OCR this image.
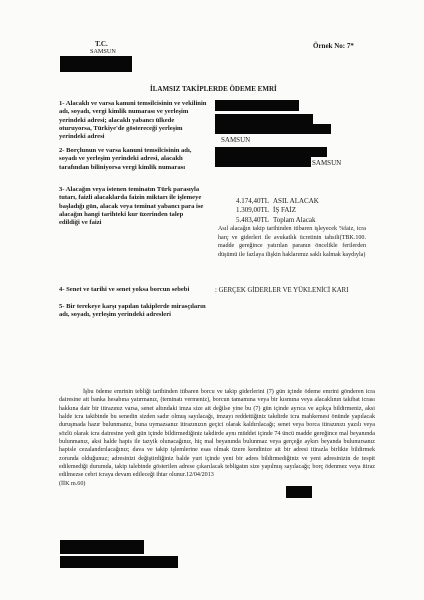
T.C.
SAMSUN
Örnek No: 7*
İLAMSIZ TAKİPLERDE ÖDEME EMRİ
1- Alacaklı ve varsa kanuni temsilcisinin ve vekilinin adı, soyadı, vergi kimlik numarası ve yerleşim yerindeki adresi; alacaklı yabancı ülkede oturuyorsa, Türkiye'de göstereceği yerleşim yerindeki adresi	SAMSUN
2- Borçlunun ve varsa kanuni temsilcisinin adı, soyadı ve yerleşim yerindeki adresi, alacaklı tarafından biliniyorsa vergi kimlik numarası
SAMSUN
3- Alacağın veya istenen teminatın Türk parasıyla tutarı, faizli alacaklarda faizin miktarı ile işlemeye başladığı gün, alacak veya teminat yabancı para ise alacağın hangi tarihteki kur üzerinden talep edildiği ve faizi
4.174,40TL ASIL ALACAK
1.309,00TL İŞ FAİZ
5.483,40TL Toplam Alacak
Asıl alacağın takip tarihinden itibaren işleyecek %faiz, icra harç ve giderleri ile avukatlık ücretinin tahsili(TBK.100. madde gereğince yatırılan paranın öncelikle ferilerden düşümü ile fazlaya ilişkin haklarımız saklı kalmak kaydıyla)
4- Senet ve tarihi ve senet yoksa borcun sebebi	: GERÇEK GİDERLER VE YÜKLENİCİ KARI
5- Bir terekeye karşı yapılan takiplerde mirasçıların adı, soyadı, yerleşim yerindeki adresleri

İşbu ödeme emrinin tebliği tarihinden itibaren borcu ve takip giderlerini (7) gün içinde ödeme emrini gönderen icra dairesine ait banka hesabına yatırmanız, (teminatı vermeniz), borcun tamamına veya bir kısmına veya alacaklının takibat icrası hakkına dair bir itirazınız varsa, senet altındaki imza size ait değilse yine bu (7) gün içinde ayrıca ve açıkça bildirmeniz, aksi halde icra takibinde bu senedin sizden sadır olmuş sayılacağı, imzayı reddettiğiniz takdirde icra mahkemesi önünde yapılacak duruşmada hazır bulunmanız, buna uymazsanız itirazınızın geçici olarak kaldırılacağı; senet veya borca itirazınızı yazılı veya sözlü olarak icra dairesine yedi gün içinde bildirmediğiniz takdirde aynı müddet içinde 74 üncü madde gereğince mal beyanında bulunmanız, aksi halde hapis ile tazyik olunacağınız, hiç mal beyanında bulunmaz veya gerçeğe aykırı beyanda bulunursanız hapisle cezalandırılacağınız; dava ve takip işlemlerine esas olmak üzere kendinize ait bir adresi itirazla birlikte bildirmek zorunda olduğunuz; adresinizi değiştirdiğiniz halde yurt içinde yeni bir adres bildirmediğiniz ve yeni adresinizin de tespit edilemediği durumda, takip talebinde gösterilen adrese çıkarılacak tebligatın size yapılmış sayılacağı; borç ödenmez veya itiraz edilmezse cebri icraya devam edileceği ihtar olunur.12/04/2013

(İİK m.60)
